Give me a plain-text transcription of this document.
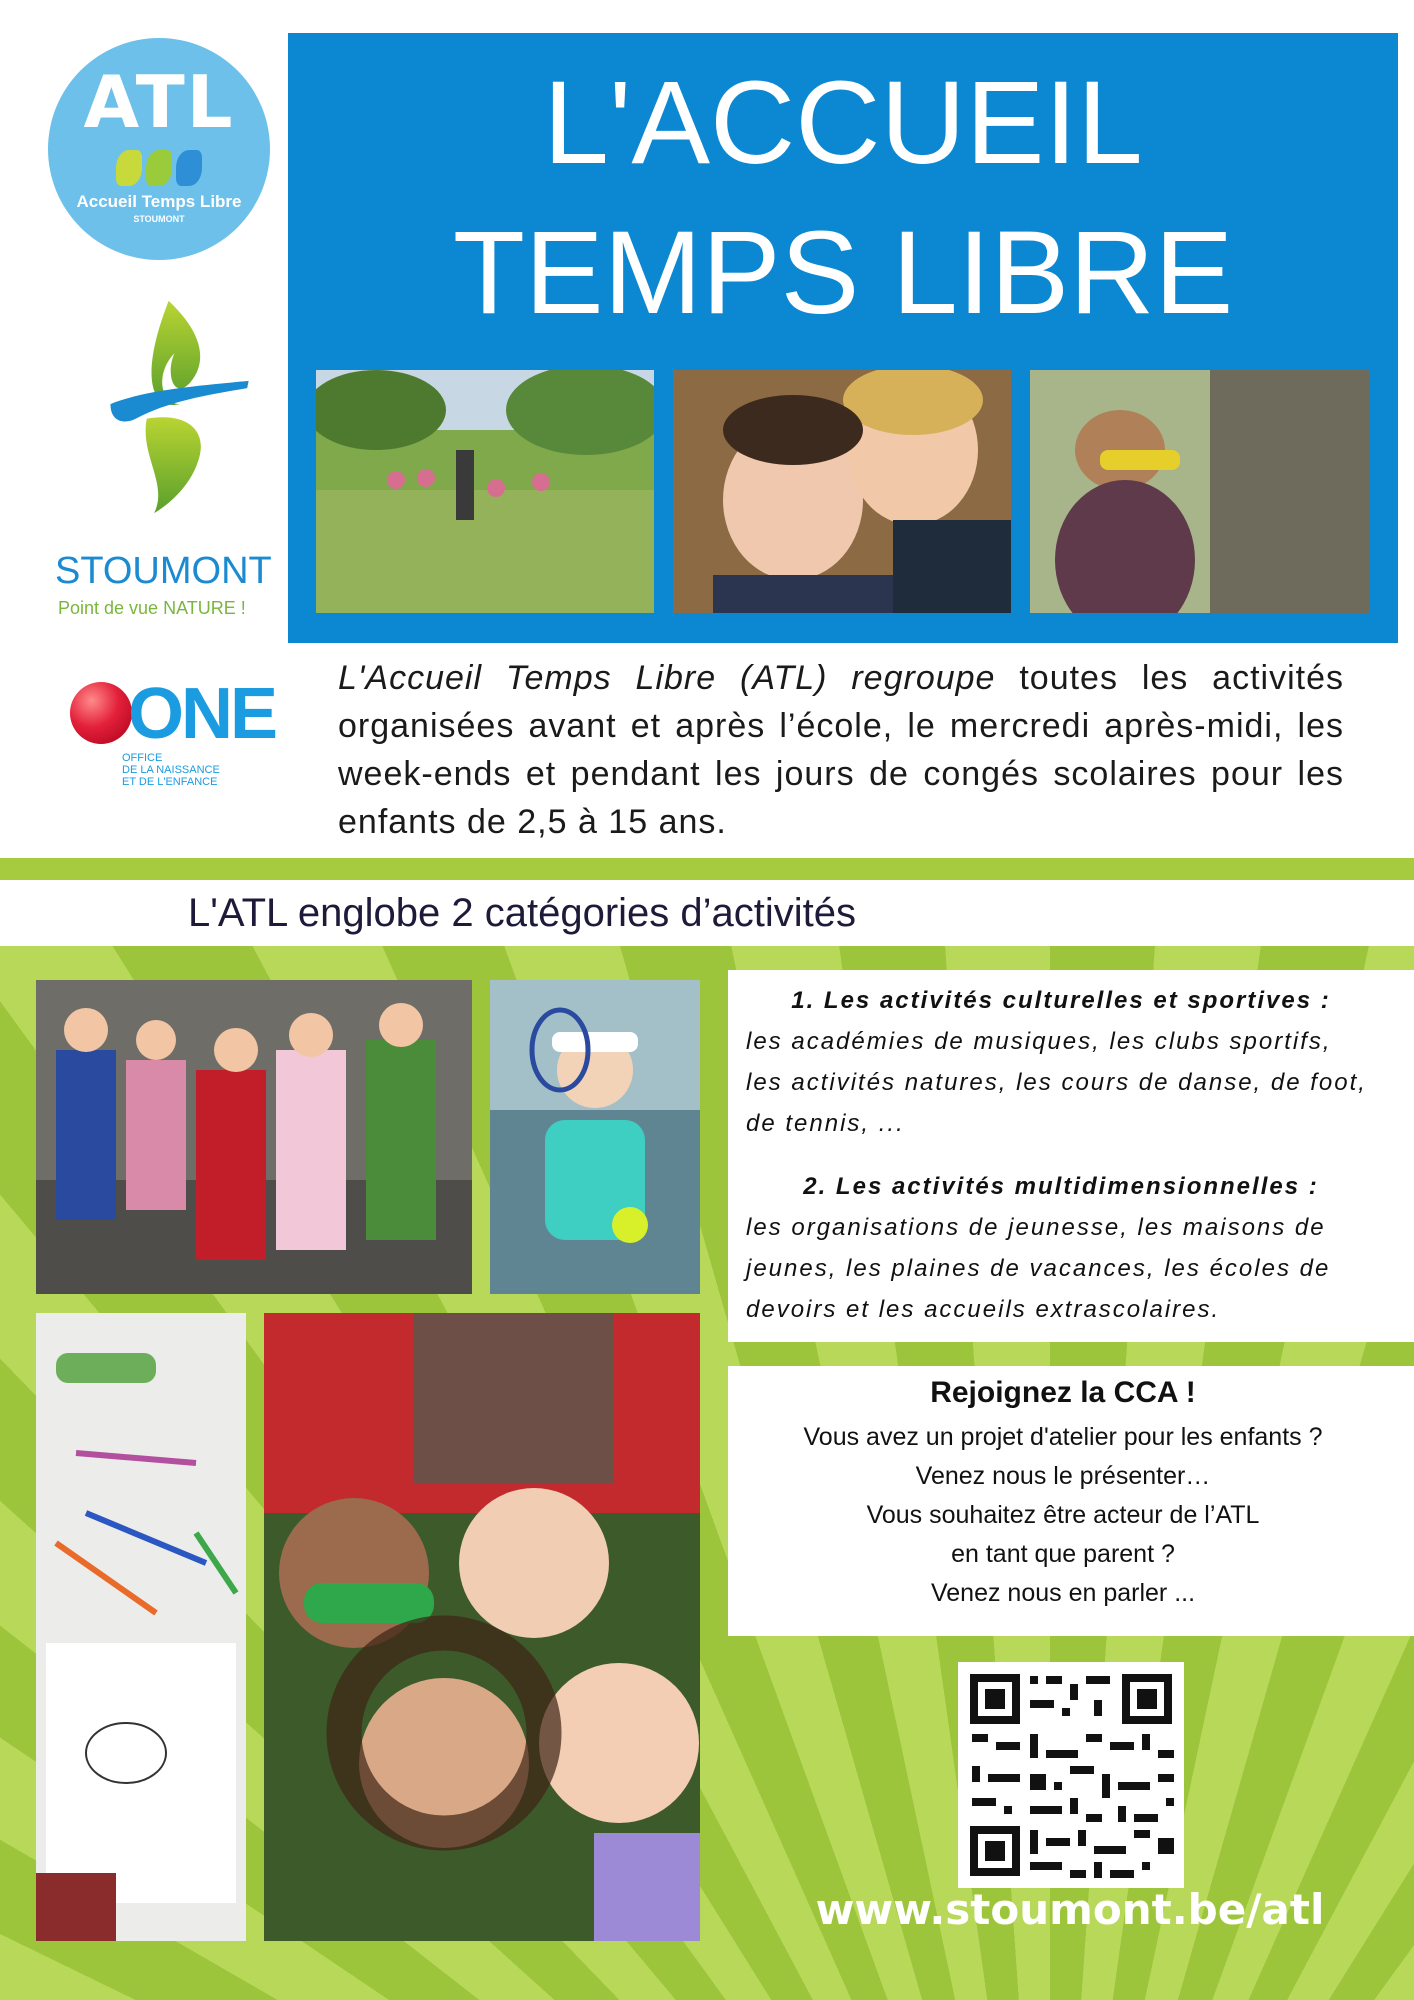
ATL
Accueil Temps Libre
STOUMONT
STOUMONT
Point de vue NATURE !
ONE
OFFICE
DE LA NAISSANCE
ET DE L'ENFANCE
L'ACCUEIL
TEMPS LIBRE
L'Accueil Temps Libre (ATL) regroupe toutes les activités organisées avant et après l’école, le mercredi après-midi, les week-ends et pendant les jours de congés scolaires pour les enfants de 2,5 à 15 ans.
L'ATL englobe 2 catégories d’activités
1. Les activités culturelles et sportives :
les académies de musiques, les clubs sportifs, les activités natures, les cours de danse, de foot, de tennis, ...
2. Les activités multidimensionnelles :
les organisations de jeunesse, les maisons de jeunes, les plaines de vacances, les écoles de devoirs et les accueils extrascolaires.
Rejoignez la CCA !
Vous avez un projet d'atelier pour les enfants ?
Venez nous le présenter…
Vous souhaitez être acteur de l’ATL
en tant que parent ?
Venez nous en parler ...
www.stoumont.be/atl
